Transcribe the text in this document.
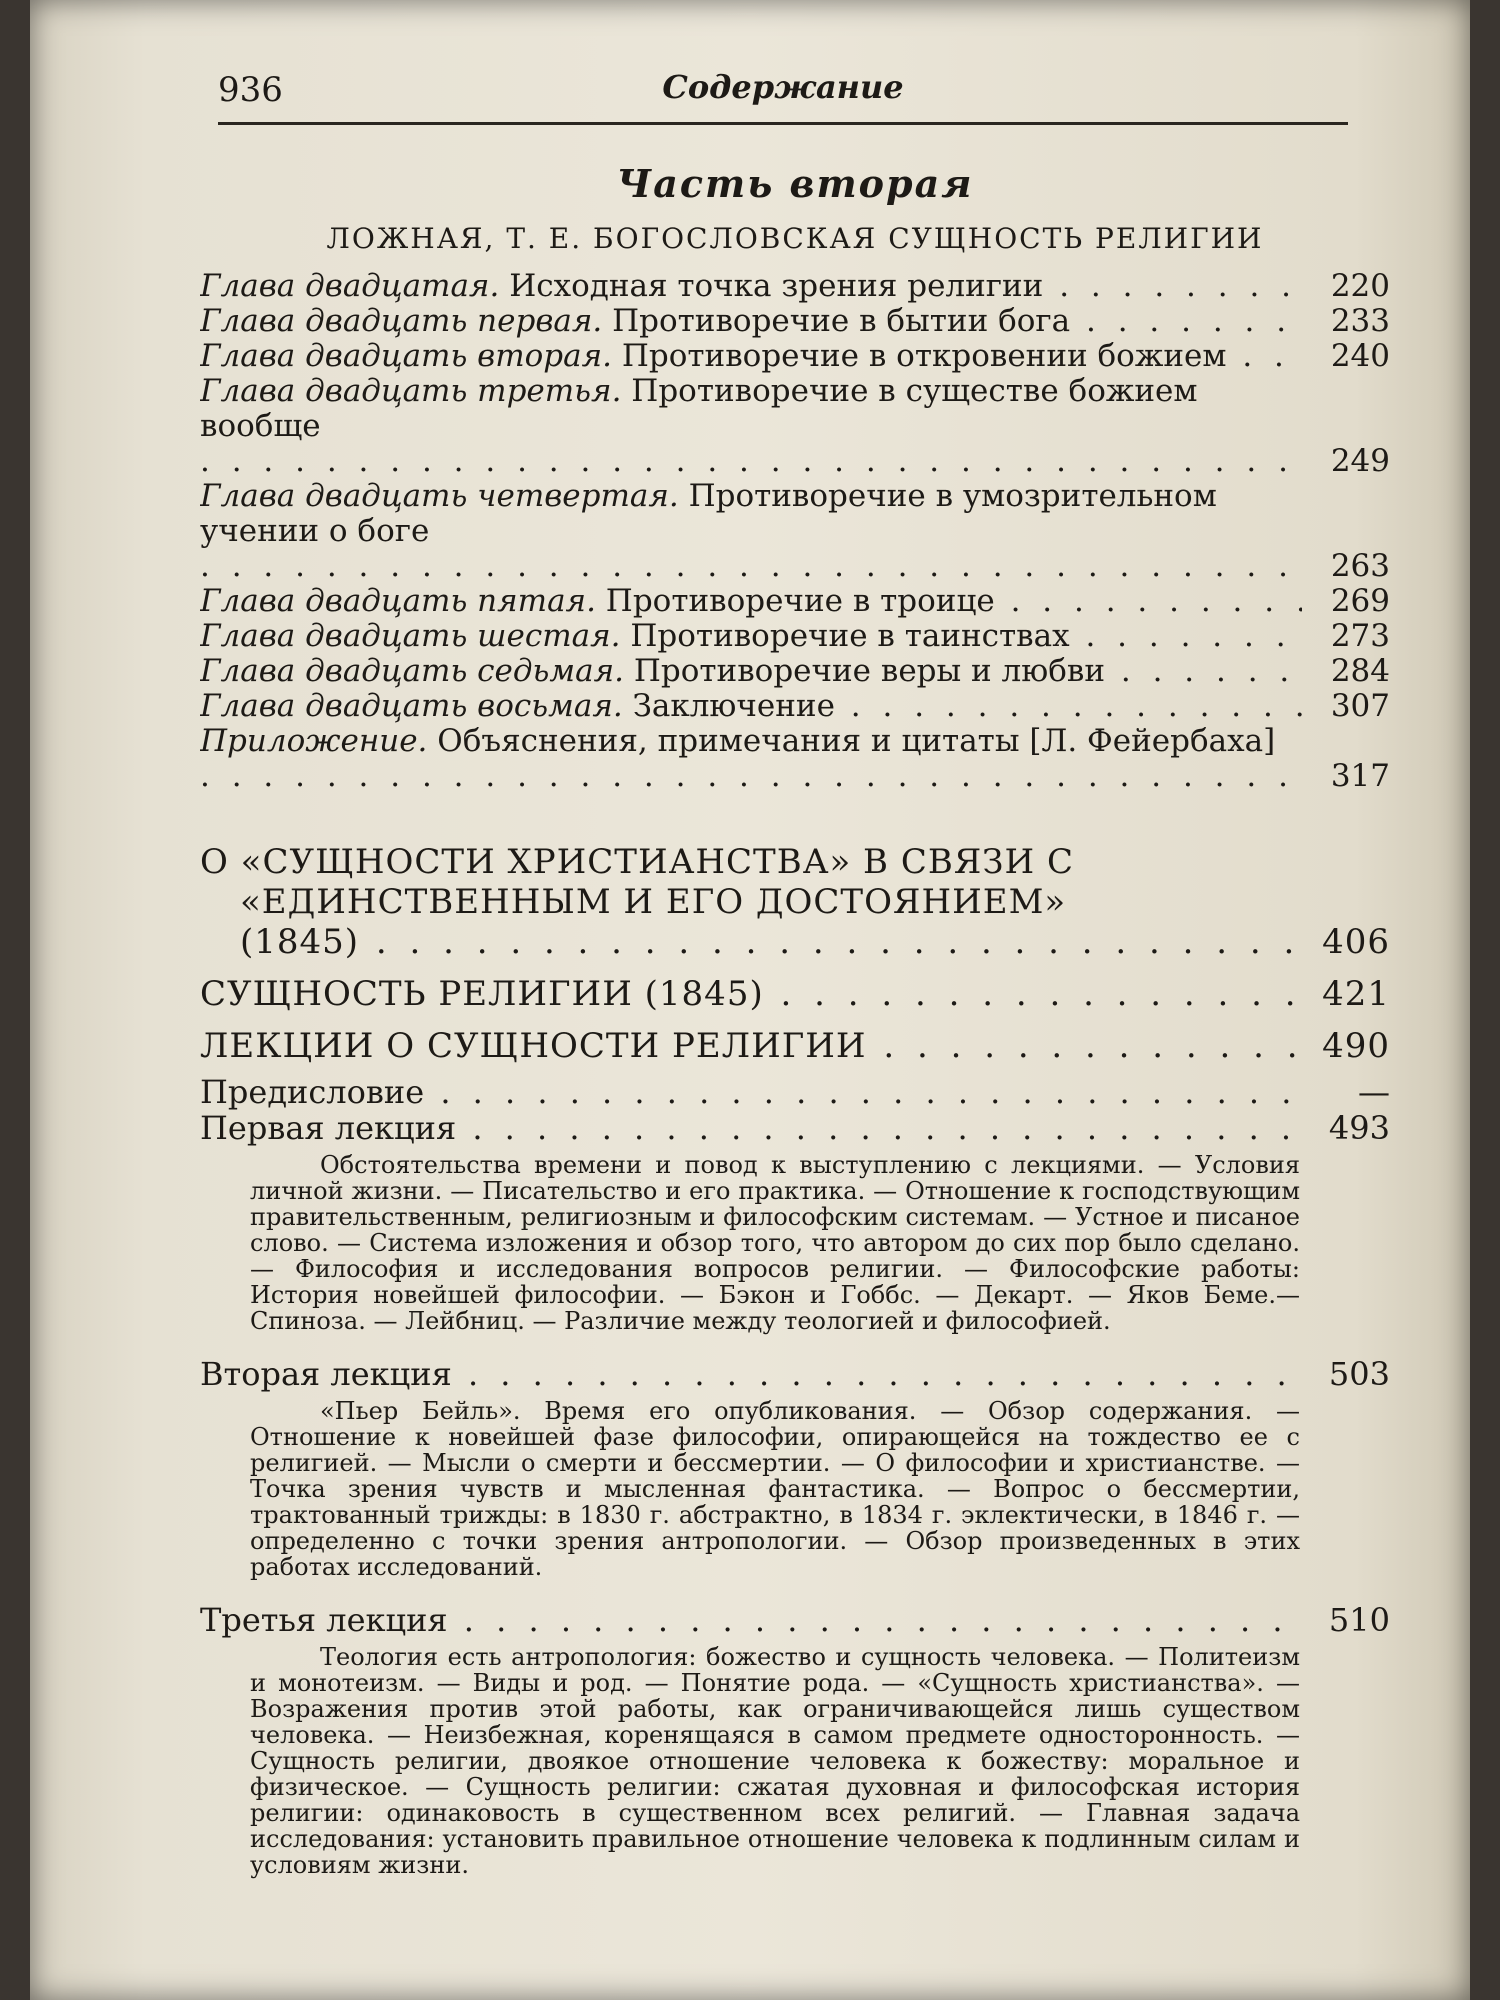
936	Содержание
Часть вторая
ЛОЖНАЯ, Т. Е. БОГОСЛОВСКАЯ СУЩНОСТЬ РЕЛИГИИ
Глава двадцатая. Исходная точка зрения религии . . .	220
Глава двадцать первая. Противоречие в бытии бога . . .	233
Глава двадцать вторая. Противоречие в откровении божием . . .	240
Глава двадцать третья. Противоречие в существе божием вообще . . .
249
Глава двадцать четвертая. Противоречие в умозрительном учении о боге . . .
263
Глава двадцать пятая. Противоречие в троице . . .	269
Глава двадцать шестая. Противоречие в таинствах . . .	273
Глава двадцать седьмая. Противоречие веры и любви . . .	284
Глава двадцать восьмая. Заключение . . .	307
Приложение. Объяснения, примечания и цитаты [Л. Фейербаха] . . .
317
О «СУЩНОСТИ ХРИСТИАНСТВА» В СВЯЗИ С «ЕДИНСТВЕННЫМ И ЕГО ДОСТОЯНИЕМ» (1845) . . .	406
СУЩНОСТЬ РЕЛИГИИ (1845) . . .	421
ЛЕКЦИИ О СУЩНОСТИ РЕЛИГИИ . . .	490
Предисловие . . .	—
Первая лекция . . .	493
Обстоятельства времени и повод к выступлению с лекциями. — Условия личной жизни. — Писательство и его практика. — Отношение к господствующим правительственным, религиозным и философским системам. — Устное и писаное слово. — Система изложения и обзор того, что автором до сих пор было сделано. — Философия и исследования вопросов религии. — Философские работы: История новейшей философии. — Бэкон и Гоббс. — Декарт. — Яков Беме.— Спиноза. — Лейбниц. — Различие между теологией и философией.
Вторая лекция . . .	503
«Пьер Бейль». Время его опубликования. — Обзор содержания. — Отношение к новейшей фазе философии, опирающейся на тождество ее с религией. — Мысли о смерти и бессмертии. — О философии и христианстве. — Точка зрения чувств и мысленная фантастика. — Вопрос о бессмертии, трактованный трижды: в 1830 г. абстрактно, в 1834 г. эклектически, в 1846 г. — определенно с точки зрения антропологии. — Обзор произведенных в этих работах исследований.
Третья лекция . . .	510
Теология есть антропология: божество и сущность человека. — Политеизм и монотеизм. — Виды и род. — Понятие рода. — «Сущность христианства». — Возражения против этой работы, как ограничивающейся лишь существом человека. — Неизбежная, коренящаяся в самом предмете односторонность. — Сущность религии, двоякое отношение человека к божеству: моральное и физическое. — Сущность религии: сжатая духовная и философская история религии: одинаковость в существенном всех религий. — Главная задача исследования: установить правильное отношение человека к подлинным силам и условиям жизни.
